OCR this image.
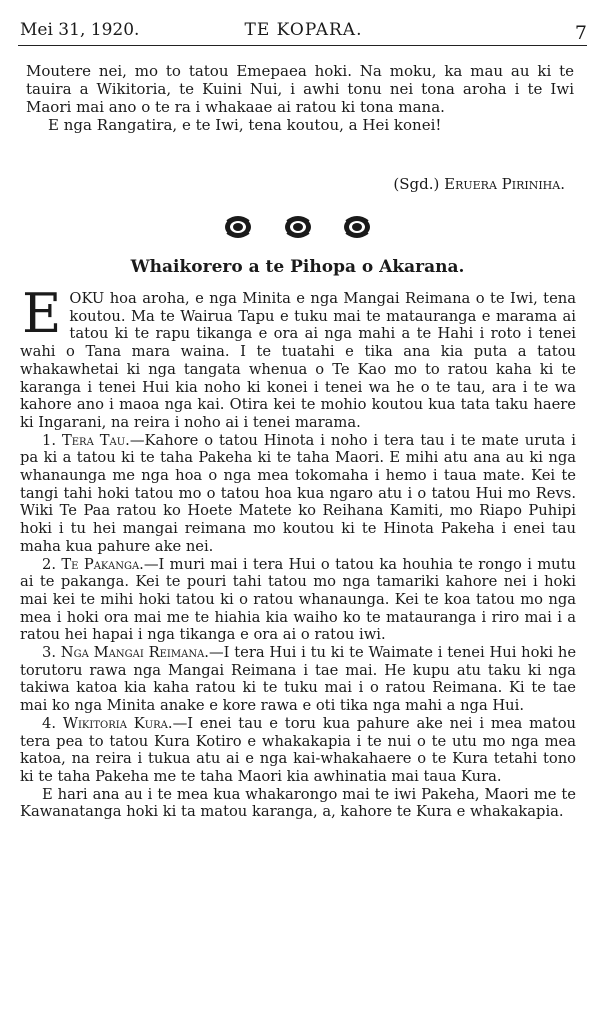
Mei 31, 1920.	TE KOPARA.	7

Moutere nei, mo to tatou Emepaea hoki. Na moku, ka mau au ki te tauira a Wikitoria, te Kuini Nui, i awhi tonu nei tona aroha i te Iwi Maori mai ano o te ra i whakaae ai ratou ki tona mana.

E nga Rangatira, e te Iwi, tena koutou, a Hei konei!

(Sgd.) Eruera Piriniha.

Whaikorero a te Pihopa o Akarana.

EOKU hoa aroha, e nga Minita e nga Mangai Reimana o te Iwi, tena koutou. Ma te Wairua Tapu e tuku mai te matauranga e marama ai tatou ki te rapu tikanga e ora ai nga mahi a te Hahi i roto i tenei wahi o Tana mara waina. I te tuatahi e tika ana kia puta a tatou whakawhetai ki nga tangata whenua o Te Kao mo to ratou kaha ki te karanga i tenei Hui kia noho ki konei i tenei wa he o te tau, ara i te wa kahore ano i maoa nga kai. Otira kei te mohio koutou kua tata taku haere ki Ingarani, na reira i noho ai i tenei marama.

1. Tera Tau.—Kahore o tatou Hinota i noho i tera tau i te mate uruta i pa ki a tatou ki te taha Pakeha ki te taha Maori. E mihi atu ana au ki nga whanaunga me nga hoa o nga mea tokomaha i hemo i taua mate. Kei te tangi tahi hoki tatou mo o tatou hoa kua ngaro atu i o tatou Hui mo Revs. Wiki Te Paa ratou ko Hoete Matete ko Reihana Kamiti, mo Riapo Puhipi hoki i tu hei mangai reimana mo koutou ki te Hinota Pakeha i enei tau maha kua pahure ake nei.

2. Te Pakanga.—I muri mai i tera Hui o tatou ka houhia te rongo i mutu ai te pakanga. Kei te pouri tahi tatou mo nga tamariki kahore nei i hoki mai kei te mihi hoki tatou ki o ratou whanaunga. Kei te koa tatou mo nga mea i hoki ora mai me te hiahia kia waiho ko te matauranga i riro mai i a ratou hei hapai i nga tikanga e ora ai o ratou iwi.

3. Nga Mangai Reimana.—I tera Hui i tu ki te Waimate i tenei Hui hoki he torutoru rawa nga Mangai Reimana i tae mai. He kupu atu taku ki nga takiwa katoa kia kaha ratou ki te tuku mai i o ratou Reimana. Ki te tae mai ko nga Minita anake e kore rawa e oti tika nga mahi a nga Hui.

4. Wikitoria Kura.—I enei tau e toru kua pahure ake nei i mea matou tera pea to tatou Kura Kotiro e whakakapia i te nui o te utu mo nga mea katoa, na reira i tukua atu ai e nga kai-whakahaere o te Kura tetahi tono ki te taha Pakeha me te taha Maori kia awhinatia mai taua Kura.

E hari ana au i te mea kua whakarongo mai te iwi Pakeha, Maori me te Kawanatanga hoki ki ta matou karanga, a, kahore te Kura e whakakapia.
